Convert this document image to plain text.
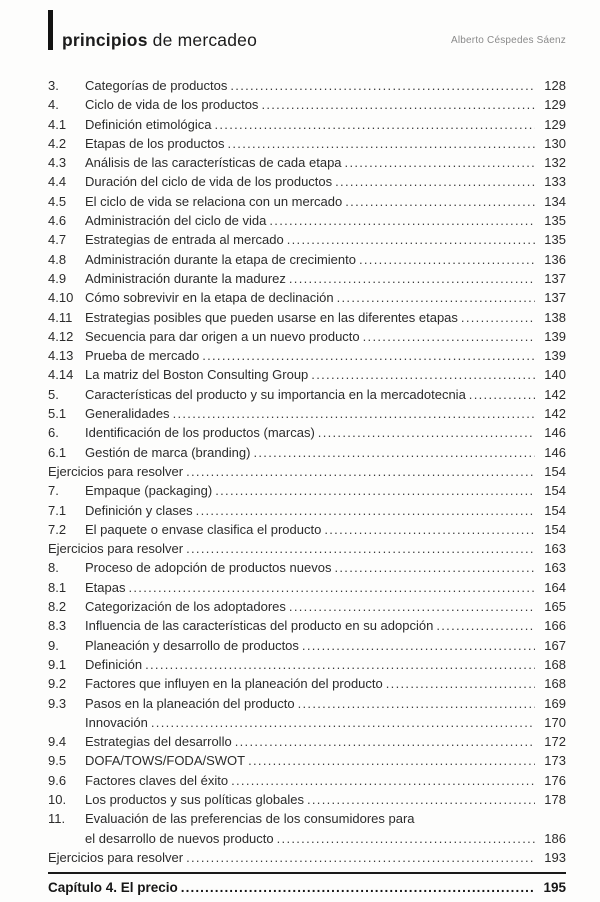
principios de mercadeo	Alberto Céspedes Sáenz
3.	Categorías de productos .....	128
4.	Ciclo de vida de los productos .....	129
4.1	Definición etimológica .....	129
4.2	Etapas de los productos .....	130
4.3	Análisis de las características de cada etapa .....	132
4.4	Duración del ciclo de vida de los productos .....	133
4.5	El ciclo de vida se relaciona con un mercado .....	134
4.6	Administración del ciclo de vida .....	135
4.7	Estrategias de entrada al mercado .....	135
4.8	Administración durante la etapa de crecimiento .....	136
4.9	Administración durante la madurez .....	137
4.10 Cómo sobrevivir en la etapa de declinación .....	137
4.11 Estrategias posibles que pueden usarse en las diferentes etapas .....	138
4.12 Secuencia para dar origen a un nuevo producto .....	139
4.13 Prueba de mercado .....	139
4.14 La matriz del Boston Consulting Group .....	140
5.	Características del producto y su importancia en la mercadotecnia .....	142
5.1	Generalidades .....	142
6.	Identificación de los productos (marcas) .....	146
6.1	Gestión de marca (branding) .....	146
Ejercicios para resolver .....	154
7.	Empaque (packaging) .....	154
7.1	Definición y clases .....	154
7.2	El paquete o envase clasifica el producto .....	154
Ejercicios para resolver .....	163
8.	Proceso de adopción de productos nuevos .....	163
8.1	Etapas .....	164
8.2	Categorización de los adoptadores .....	165
8.3	Influencia de las características del producto en su adopción .....	166
9.	Planeación y desarrollo de productos .....	167
9.1	Definición .....	168
9.2	Factores que influyen en la planeación del producto .....	168
9.3	Pasos en la planeación del producto .....	169
Innovación .....	170
9.4	Estrategias del desarrollo .....	172
9.5	DOFA/TOWS/FODA/SWOT .....	173
9.6	Factores claves del éxito .....	176
10.	Los productos y sus políticas globales .....	178
11.	Evaluación de las preferencias de los consumidores para
el desarrollo de nuevos producto .....	186
Ejercicios para resolver .....	193
Capítulo 4. El precio .....	195
